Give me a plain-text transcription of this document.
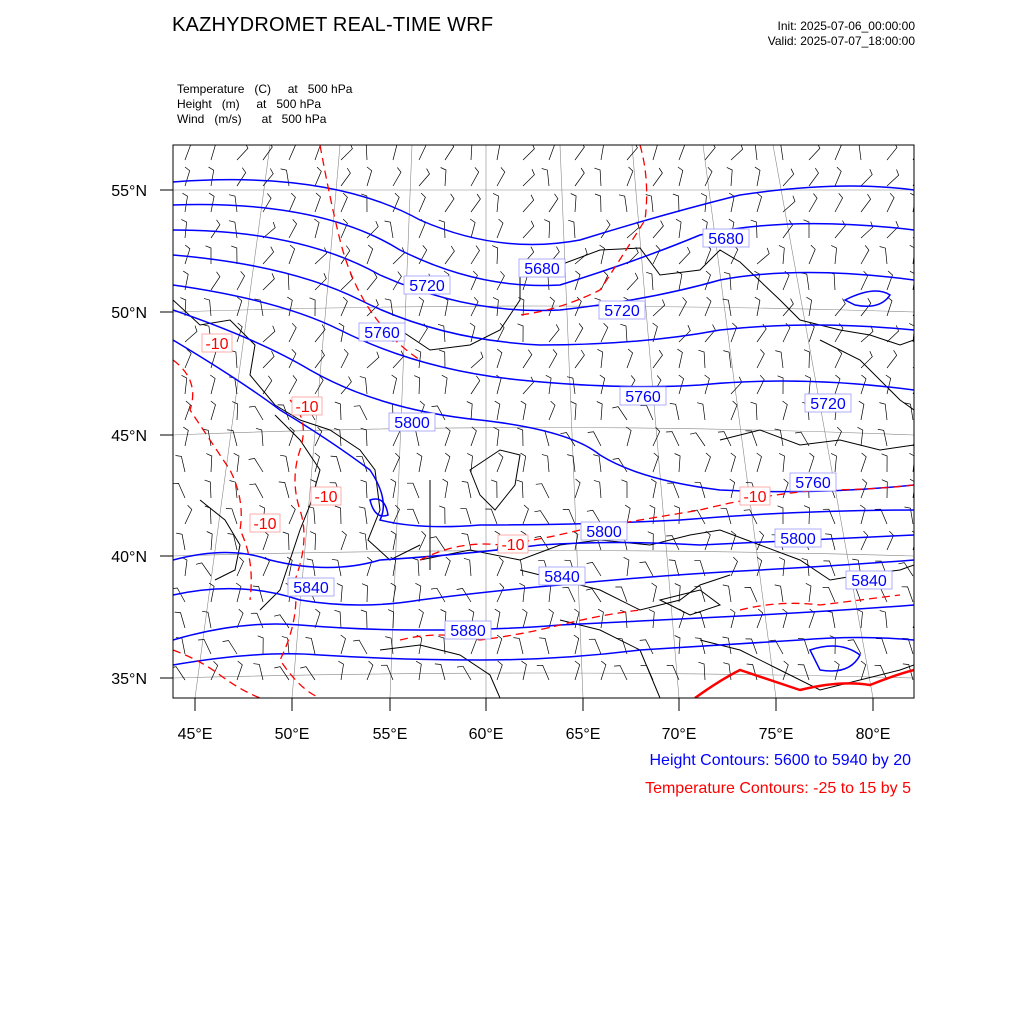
KAZHYDROMET REAL-TIME WRF	Init: 2025-07-06_00:00:00
Valid: 2025-07-07_18:00:00
Temperature   (C)     at   500 hPa
Height   (m)     at   500 hPa
Wind   (m/s)      at   500 hPa
55°N
50°N
45°N
40°N
35°N
45°E	50°E	55°E	60°E	65°E	70°E	75°E	80°E
5680
5680
5720
5720
5720
5760
5760
5760
5800
5800	5800
5840
5840	5840
5880
-10
-10
-10
-10
-10
-10
Height Contours: 5600 to 5940 by 20
Temperature Contours: -25 to 15 by 5
